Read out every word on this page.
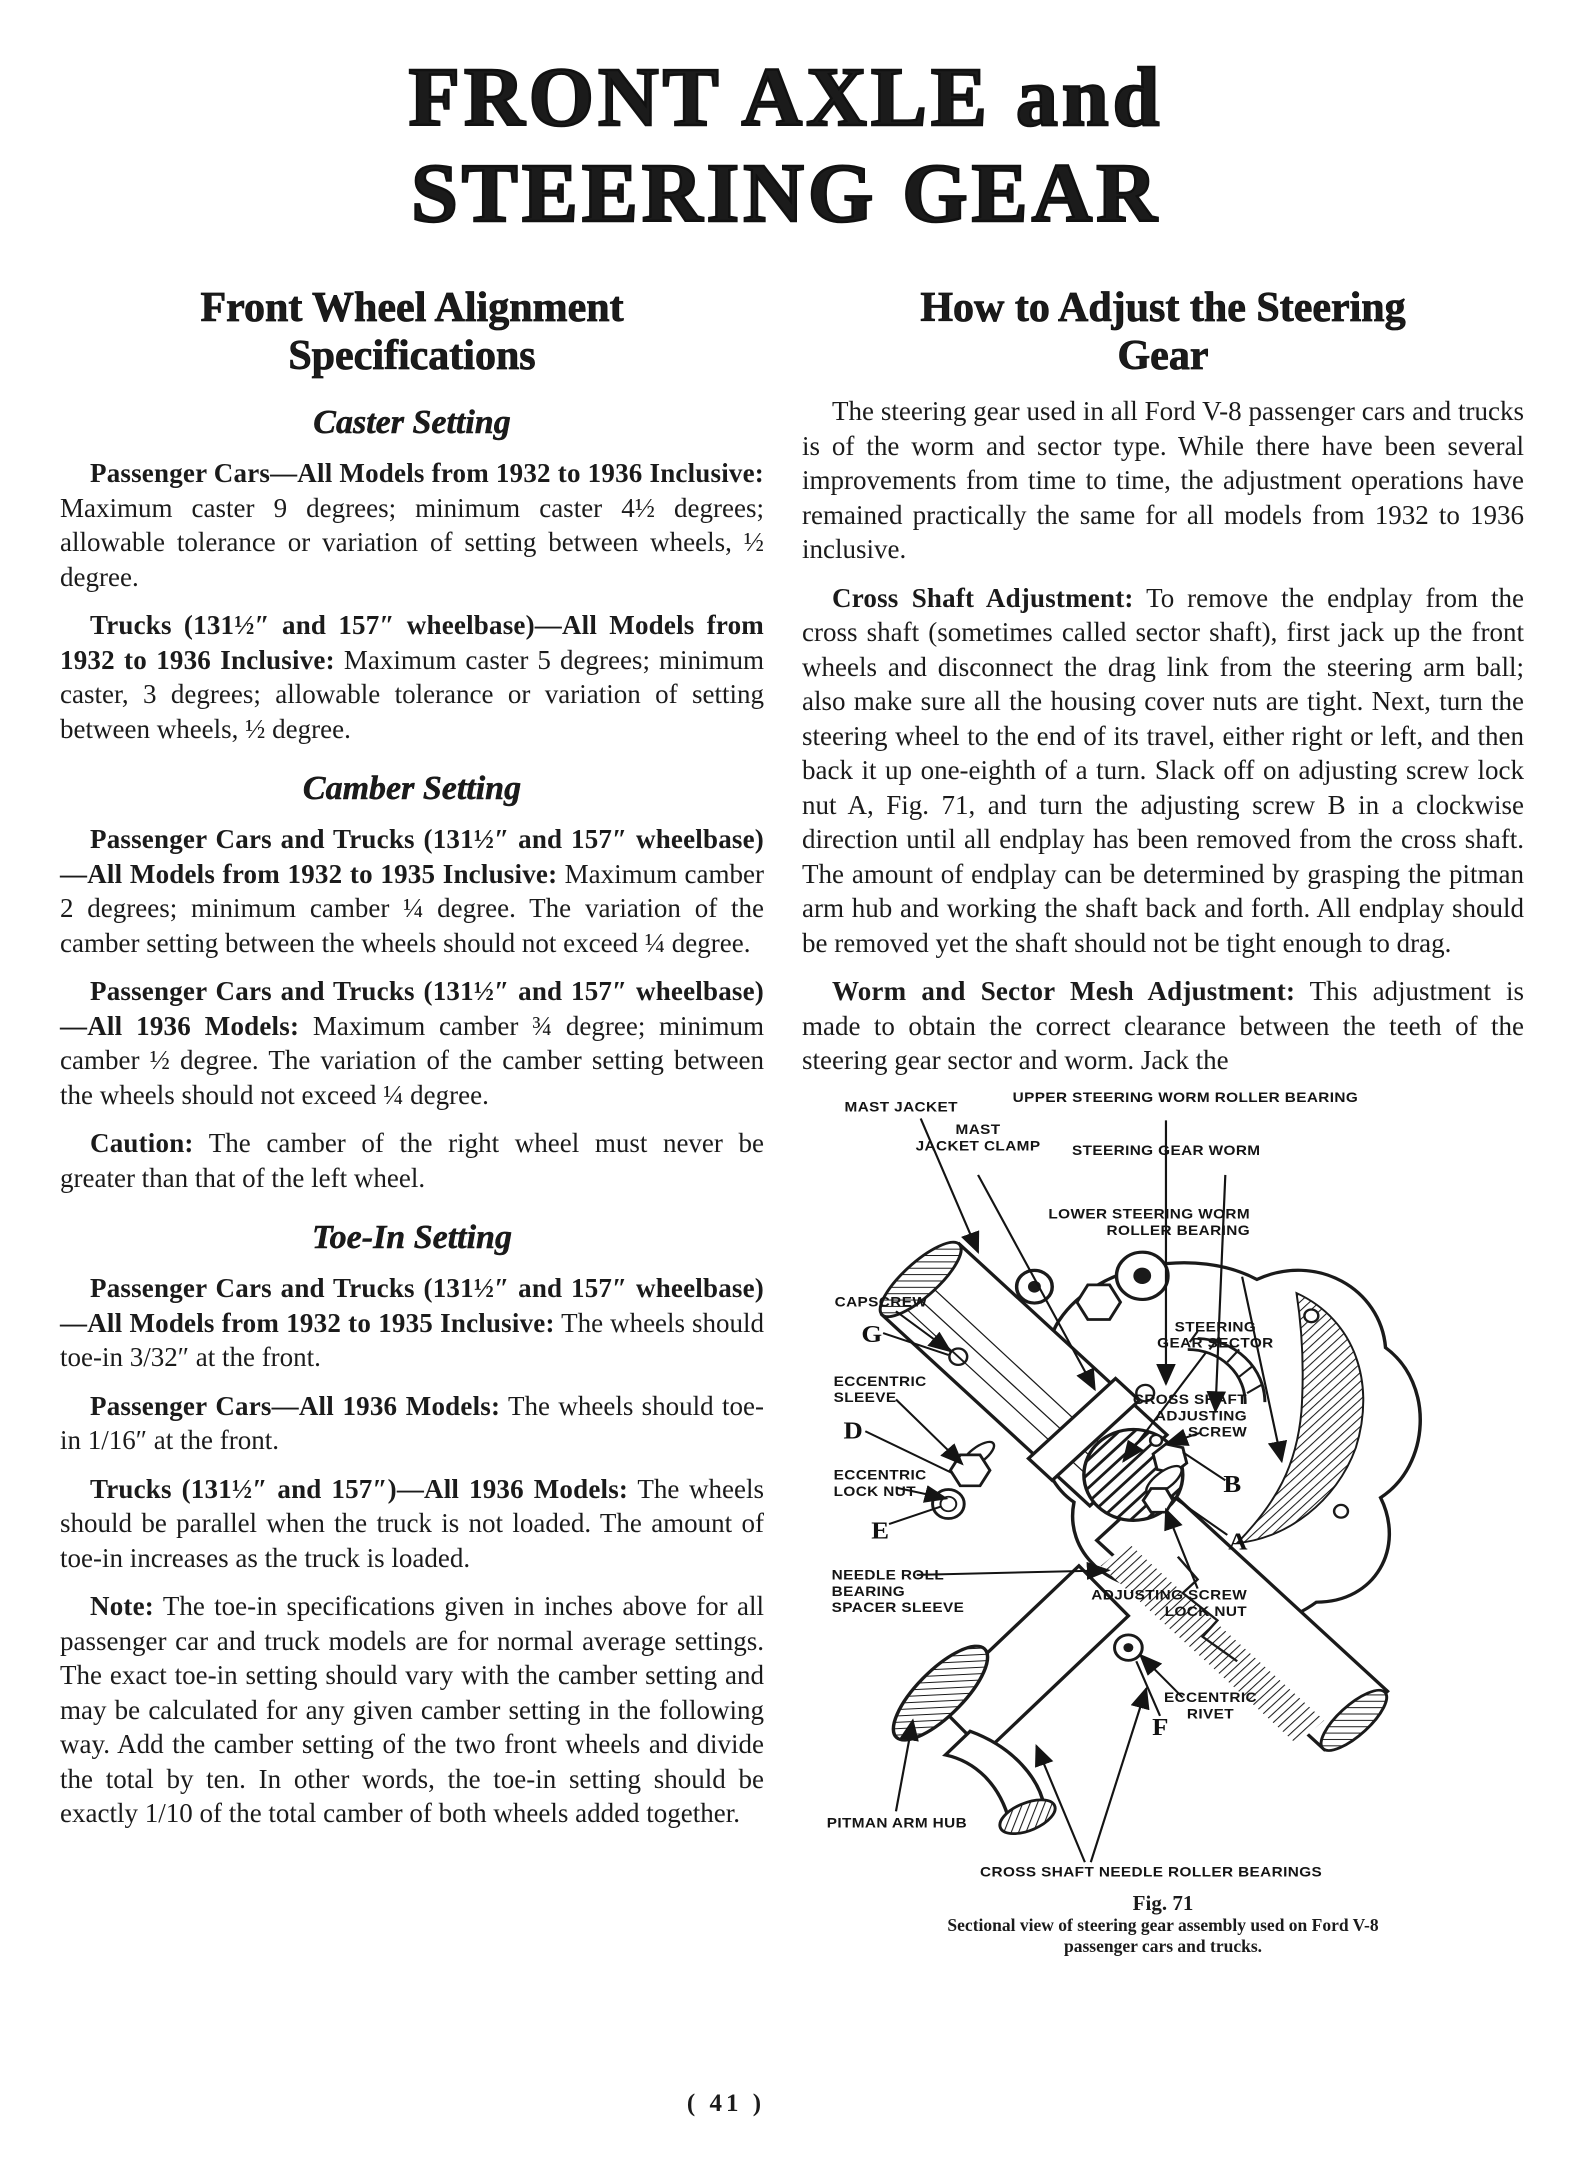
FRONT AXLE and
STEERING GEAR
Front Wheel Alignment
Specifications
Caster Setting

Passenger Cars—All Models from 1932 to 1936 Inclusive: Maximum caster 9 degrees; minimum caster 4½ degrees; allowable tolerance or variation of setting between wheels, ½ degree.

Trucks (131½″ and 157″ wheelbase)—All Models from 1932 to 1936 Inclusive: Maximum caster 5 degrees; minimum caster, 3 degrees; allowable tolerance or variation of setting between wheels, ½ degree.

Camber Setting

Passenger Cars and Trucks (131½″ and 157″ wheelbase)—All Models from 1932 to 1935 Inclusive: Maximum camber 2 degrees; minimum camber ¼ degree. The variation of the camber setting between the wheels should not exceed ¼ degree.

Passenger Cars and Trucks (131½″ and 157″ wheelbase)—All 1936 Models: Maximum camber ¾ degree; minimum camber ½ degree. The variation of the camber setting between the wheels should not exceed ¼ degree.

Caution: The camber of the right wheel must never be greater than that of the left wheel.

Toe-In Setting

Passenger Cars and Trucks (131½″ and 157″ wheelbase)—All Models from 1932 to 1935 Inclusive: The wheels should toe-in 3/32″ at the front.

Passenger Cars—All 1936 Models: The wheels should toe-in 1/16″ at the front.

Trucks (131½″ and 157″)—All 1936 Models: The wheels should be parallel when the truck is not loaded. The amount of toe-in increases as the truck is loaded.

Note: The toe-in specifications given in inches above for all passenger car and truck models are for normal average settings. The exact toe-in setting should vary with the camber setting and may be calculated for any given camber setting in the following way. Add the camber setting of the two front wheels and divide the total by ten. In other words, the toe-in setting should be exactly 1/10 of the total camber of both wheels added together.

How to Adjust the Steering
Gear

The steering gear used in all Ford V-8 passenger cars and trucks is of the worm and sector type. While there have been several improvements from time to time, the adjustment operations have remained practically the same for all models from 1932 to 1936 inclusive.

Cross Shaft Adjustment: To remove the endplay from the cross shaft (sometimes called sector shaft), first jack up the front wheels and disconnect the drag link from the steering arm ball; also make sure all the housing cover nuts are tight. Next, turn the steering wheel to the end of its travel, either right or left, and then back it up one-eighth of a turn. Slack off on adjusting screw lock nut A, Fig. 71, and turn the adjusting screw B in a clockwise direction until all endplay has been removed from the cross shaft. The amount of endplay can be determined by grasping the pitman arm hub and working the shaft back and forth. All endplay should be removed yet the shaft should not be tight enough to drag.

Worm and Sector Mesh Adjustment: This adjustment is made to obtain the correct clearance between the teeth of the steering gear sector and worm. Jack the

MAST JACKET
MAST
JACKET CLAMP
UPPER STEERING WORM ROLLER BEARING
STEERING GEAR WORM
LOWER STEERING WORM
ROLLER BEARING
CAPSCREW
G	STEERING
GEAR SECTOR
ECCENTRIC
SLEEVE
D
CROSS SHAFT
ADJUSTING
SCREW
B
ECCENTRIC
LOCK NUT
E	A
NEEDLE ROLL
BEARING
SPACER SLEEVE
ADJUSTING SCREW
LOCK NUT
ECCENTRIC
RIVET
F
PITMAN ARM HUB
CROSS SHAFT NEEDLE ROLLER BEARINGS
Fig. 71
Sectional view of steering gear assembly used on Ford V-8
passenger cars and trucks.
( 41 )
